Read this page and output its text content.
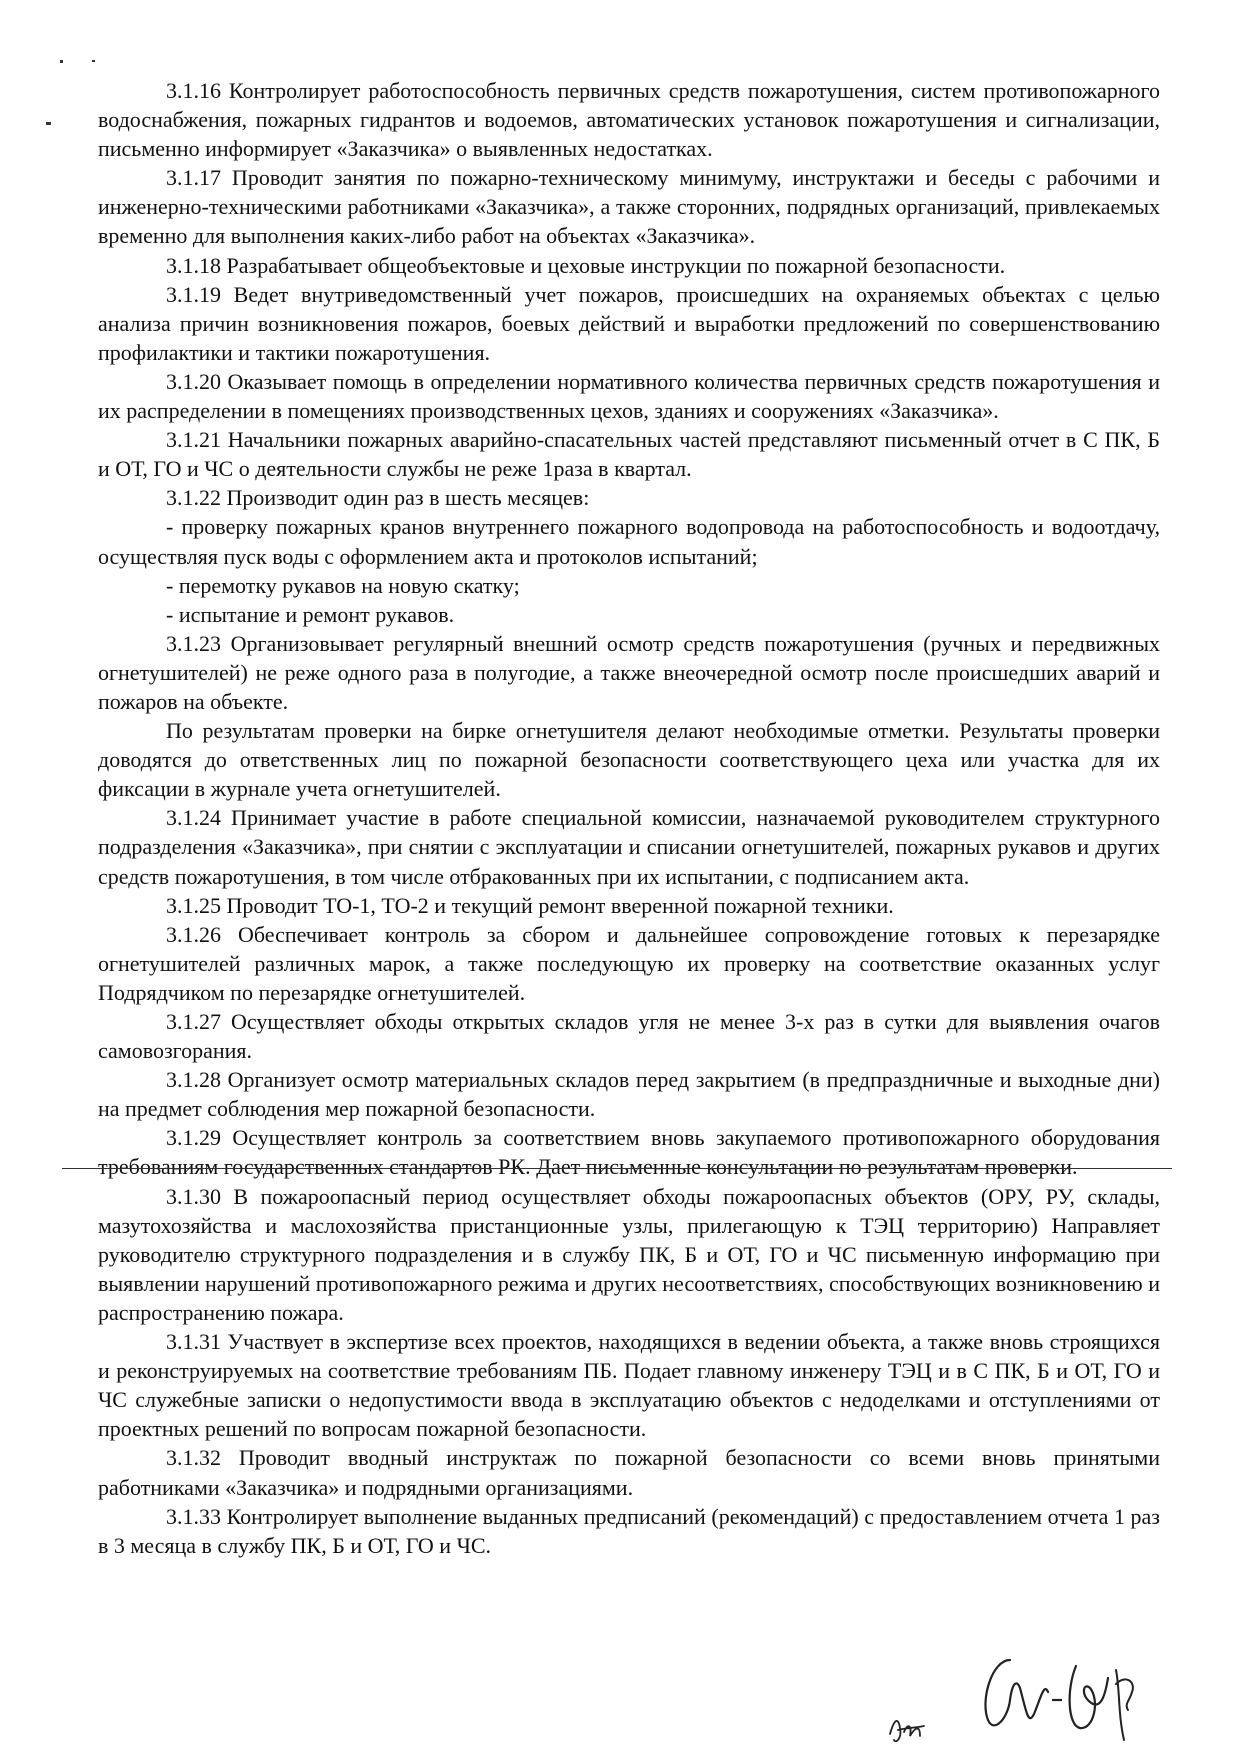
3.1.16 Контролирует работоспособность первичных средств пожаротушения, систем противопожарного водоснабжения, пожарных гидрантов и водоемов, автоматических установок пожаротушения и сигнализации, письменно информирует «Заказчика» о выявленных недостатках.

3.1.17 Проводит занятия по пожарно-техническому минимуму, инструктажи и беседы с рабочими и инженерно-техническими работниками «Заказчика», а также сторонних, подрядных организаций, привлекаемых временно для выполнения каких-либо работ на объектах «Заказчика».

3.1.18 Разрабатывает общеобъектовые и цеховые инструкции по пожарной безопасности.

3.1.19 Ведет внутриведомственный учет пожаров, происшедших на охраняемых объектах с целью анализа причин возникновения пожаров, боевых действий и выработки предложений по совершенствованию профилактики и тактики пожаротушения.

3.1.20 Оказывает помощь в определении нормативного количества первичных средств пожаротушения и их распределении в помещениях производственных цехов, зданиях и сооружениях «Заказчика».

3.1.21 Начальники пожарных аварийно-спасательных частей представляют письменный отчет в С ПК, Б и ОТ, ГО и ЧС о деятельности службы не реже 1раза в квартал.

3.1.22 Производит один раз в шесть месяцев:

- проверку пожарных кранов внутреннего пожарного водопровода на работоспособность и водоотдачу, осуществляя пуск воды с оформлением акта и протоколов испытаний;

- перемотку рукавов на новую скатку;

- испытание и ремонт рукавов.

3.1.23 Организовывает регулярный внешний осмотр средств пожаротушения (ручных и передвижных огнетушителей) не реже одного раза в полугодие, а также внеочередной осмотр после происшедших аварий и пожаров на объекте.

По результатам проверки на бирке огнетушителя делают необходимые отметки. Результаты проверки доводятся до ответственных лиц по пожарной безопасности соответствующего цеха или участка для их фиксации в журнале учета огнетушителей.

3.1.24 Принимает участие в работе специальной комиссии, назначаемой руководителем структурного подразделения «Заказчика», при снятии с эксплуатации и списании огнетушителей, пожарных рукавов и других средств пожаротушения, в том числе отбракованных при их испытании, с подписанием акта.

3.1.25 Проводит ТО-1, ТО-2 и текущий ремонт вверенной пожарной техники.

3.1.26 Обеспечивает контроль за сбором и дальнейшее сопровождение готовых к перезарядке огнетушителей различных марок, а также последующую их проверку на соответствие оказанных услуг Подрядчиком по перезарядке огнетушителей.

3.1.27 Осуществляет обходы открытых складов угля не менее 3-х раз в сутки для выявления очагов самовозгорания.

3.1.28 Организует осмотр материальных складов перед закрытием (в предпраздничные и выходные дни) на предмет соблюдения мер пожарной безопасности.

3.1.29 Осуществляет контроль за соответствием вновь закупаемого противопожарного оборудования требованиям государственных стандартов РК. Дает письменные консультации по результатам проверки.

3.1.30 В пожароопасный период осуществляет обходы пожароопасных объектов (ОРУ, РУ, склады, мазутохозяйства и маслохозяйства пристанционные узлы, прилегающую к ТЭЦ территорию) Направляет руководителю структурного подразделения и в службу ПК, Б и ОТ, ГО и ЧС письменную информацию при выявлении нарушений противопожарного режима и других несоответствиях, способствующих возникновению и распространению пожара.

3.1.31 Участвует в экспертизе всех проектов, находящихся в ведении объекта, а также вновь строящихся и реконструируемых на соответствие требованиям ПБ. Подает главному инженеру ТЭЦ и в С ПК, Б и ОТ, ГО и ЧС служебные записки о недопустимости ввода в эксплуатацию объектов с недоделками и отступлениями от проектных решений по вопросам пожарной безопасности.

3.1.32 Проводит вводный инструктаж по пожарной безопасности со всеми вновь принятыми работниками «Заказчика» и подрядными организациями.

3.1.33 Контролирует выполнение выданных предписаний (рекомендаций) с предоставлением отчета 1 раз в 3 месяца в службу ПК, Б и ОТ, ГО и ЧС.
